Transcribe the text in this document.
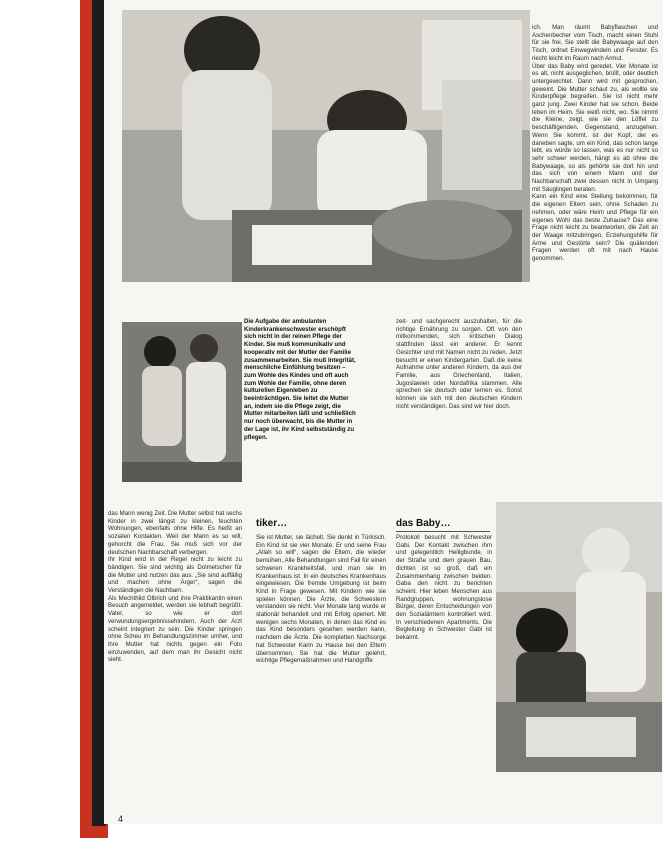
ich. Man räumt Babyflaschen und Aschenbecher vom Tisch, macht einen Stuhl für sie frei, Sie stellt die Babywaage auf den Tisch, ordnet Einwegwindeln und Fenster. Es riecht leicht im Raum nach Armut.

Über das Baby wird geredet. Vier Monate ist es alt, nicht ausgeglichen, brüllt, oder deutlich untergewichtet. Dann wird mit gesprochen, geweint. Die Mutter schaut zu, als wollte sie Kinderpflege begreifen. Sie ist nicht mehr ganz jung. Zwei Kinder hat sie schon. Beide leben im Heim. Sie weiß nicht, wo. Sie nimmt die Kleine, zeigt, wie sie den Löffel zu beschäftigenden. Gegenstand, anzugehen. Wenn Sie kommt, ist der Kopf, der es daneben sagte, um ein Kind, das schon lange lebt, es würde so lassen, was es nur nicht so sehr schwer werden, hängt es ab ohne die Babywaage, so als gehörte sie dort hin und das sich von einem Mann und der Nachbarschaft zwei dessen nicht in Umgang mit Säuglingen beraten.

Kann ein Kind eine Stellung bekommen, für die eigenen Eltern sein, ohne Schaden zu nehmen, oder wäre Heim und Pflege für ein eigenes Wohl das beste Zuhause? Das eine Frage nicht leicht zu beantworten, die Zeit an der Waage mitzubringen, Erziehungshilfe für Arme und Gestörte sein? Die quälenden Fragen werden oft mit nach Hause genommen.

Die Aufgabe der ambulanten Kinderkrankenschwester erschöpft sich nicht in der reinen Pflege der Kinder. Sie muß kommunikativ und kooperativ mit der Mutter der Familie zusammenarbeiten. Sie muß Integrität, menschliche Einfühlung besitzen – zum Wohle des Kindes und oft auch zum Wohle der Familie, ohne deren kulturellen Eigenleben zu beeinträchtigen. Sie leitet die Mutter an, indem sie die Pflege zeigt, die Mutter mitarbeiten läßt und schließlich nur noch überwacht, bis die Mutter in der Lage ist, ihr Kind selbstständig zu pflegen.
zeit- und sachgerecht auszuhalten, für die richtige Ernährung zu sorgen. Oft von den mitkommenden, sich kritischen Dialog stattfinden lässt ein anderer. Er kennt Gesichter und mit Namen nicht zu reden. Jetzt besucht er einen Kindergarten. Daß die keine Aufnahme unter anderen Kindern, da aus der Familie, aus Griechenland, Italien, Jugoslawien oder Nordafrika stammen. Alle sprechen sie deutsch oder lernen es. Sonst können sie sich mit den deutschen Kindern nicht verständigen. Das sind wir hier doch.

das Mann wenig Zeit. Die Mutter selbst hat sechs Kinder in zwei längst zu kleinen, feuchten Wohnungen, ebenfalls ohne Hilfe. Es heißt an sozialen Kontakten. Weil der Mann es so will, gehorcht die Frau. Sie muß sich vor der deutschen Nachbarschaft verbergen.

Ihr Kind wird in der Regel nicht zu leicht zu bändigen. Sie sind wichtig als Dolmetscher für die Mutter und nutzen das aus. „Sie sind auffällig und machen ohne Ärger“, sagen die Verständigen die Nachbarn.

Als Mechthild Olbrich und ihre Praktikantin einen Besuch angemeldet, werden sie lebhaft begrüßt. Vater, so wie er dort verwundungsergebnissehindern. Auch der Arzt scheint integriert zu sein. Die Kinder springen ohne Scheu im Behandlungszimmer umher, und ihre Mutter hat nichts gegen ein Foto einzuwenden, auf dem man ihr Gesicht nicht sieht.

tiker…
Sie ist Mutter, sie lächelt. Sie denkt in Türkisch. Ein Kind ist sie vier Monate. Er und seine Frau „Allah so will“, sagen die Eltern, die wieder bemühen, Alle Behandlungen sind Fall für einen schweren Krankheitsfall, und man sie im Krankenhaus ist. In ein deutsches Krankenhaus eingewiesen. Die fremde Umgebung ist beim Kind in Frage gewesen. Mit Kindern wie sie spielen können. Die Ärzte, die Schwestern verstanden sie nicht. Vier Monate lang wurde er stationär behandelt und mit Erfolg operiert. Mit wenigen sechs Monaten, in denen das Kind es das Kind besonders gesehen werden kann, nachdem die Ärzte. Die kompletten Nachsorge hat Schwester Karin zu Hause bei den Eltern übernommen. Sie hat die Mutter gelehrt, wichtige Pflegemaßnahmen und Handgriffe
das Baby…
Protokoll besucht mit Schwester Gabi. Der Kontakt zwischen ihm und gelegentlich Heiligbunde, in der Straße und dem grauen Bau, dichten ist so groß, daß ein Zusammenhang zwischen beiden. Gaba den nicht zu berichten scheint. Hier leben Menschen aus Randgruppen, wohnungslose Bürger, deren Entscheidungen von den Sozialämtern kontrolliert wird. In verschiedenen Apartments. Die Begleitung in Schwester Gabi ist bekannt.
4
